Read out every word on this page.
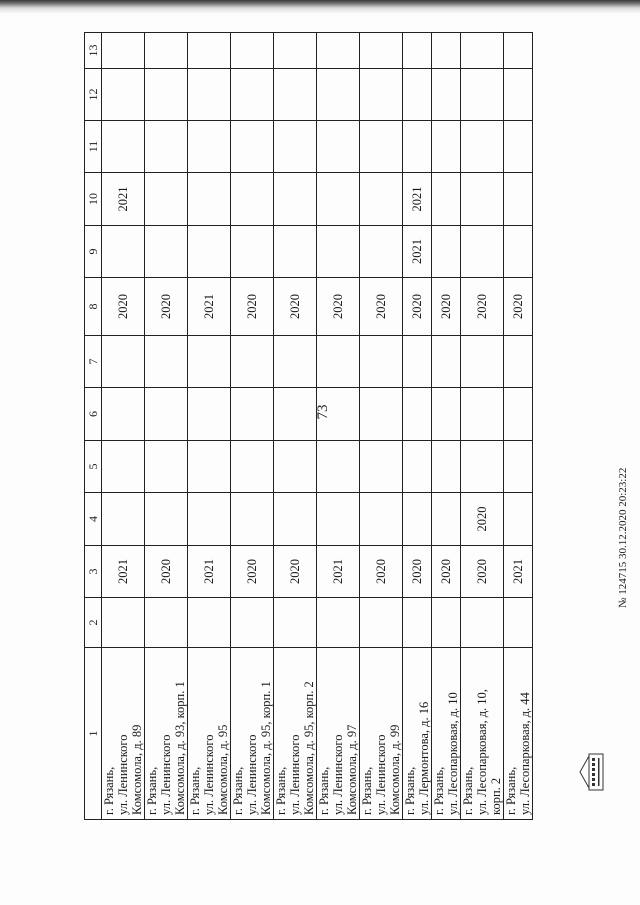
73
1	2	3	4	5	6	7	8	9	10	11	12	13

г. Рязань, ул. Ленинского Комсомола, д. 89		2021					2020		2021			

г. Рязань, ул. Ленинского Комсомола, д. 93, корп. 1		2020					2020					

г. Рязань, ул. Ленинского Комсомола, д. 95		2021					2021					

г. Рязань, ул. Ленинского Комсомола, д. 95, корп. 1		2020					2020					

г. Рязань, ул. Ленинского Комсомола, д. 95, корп. 2		2020					2020					

г. Рязань, ул. Ленинского Комсомола, д. 97		2021					2020					

г. Рязань, ул. Ленинского Комсомола, д. 99		2020					2020					

г. Рязань, ул. Лермонтова, д. 16		2020					2020	2021	2021			

г. Рязань, ул. Лесопарковая, д. 10		2020					2020					

г. Рязань, ул. Лесопарковая, д. 10, корп. 2		2020	2020				2020					

г. Рязань, ул. Лесопарковая, д. 44		2021					2020					
№ 124715 30.12.2020 20:23:22
